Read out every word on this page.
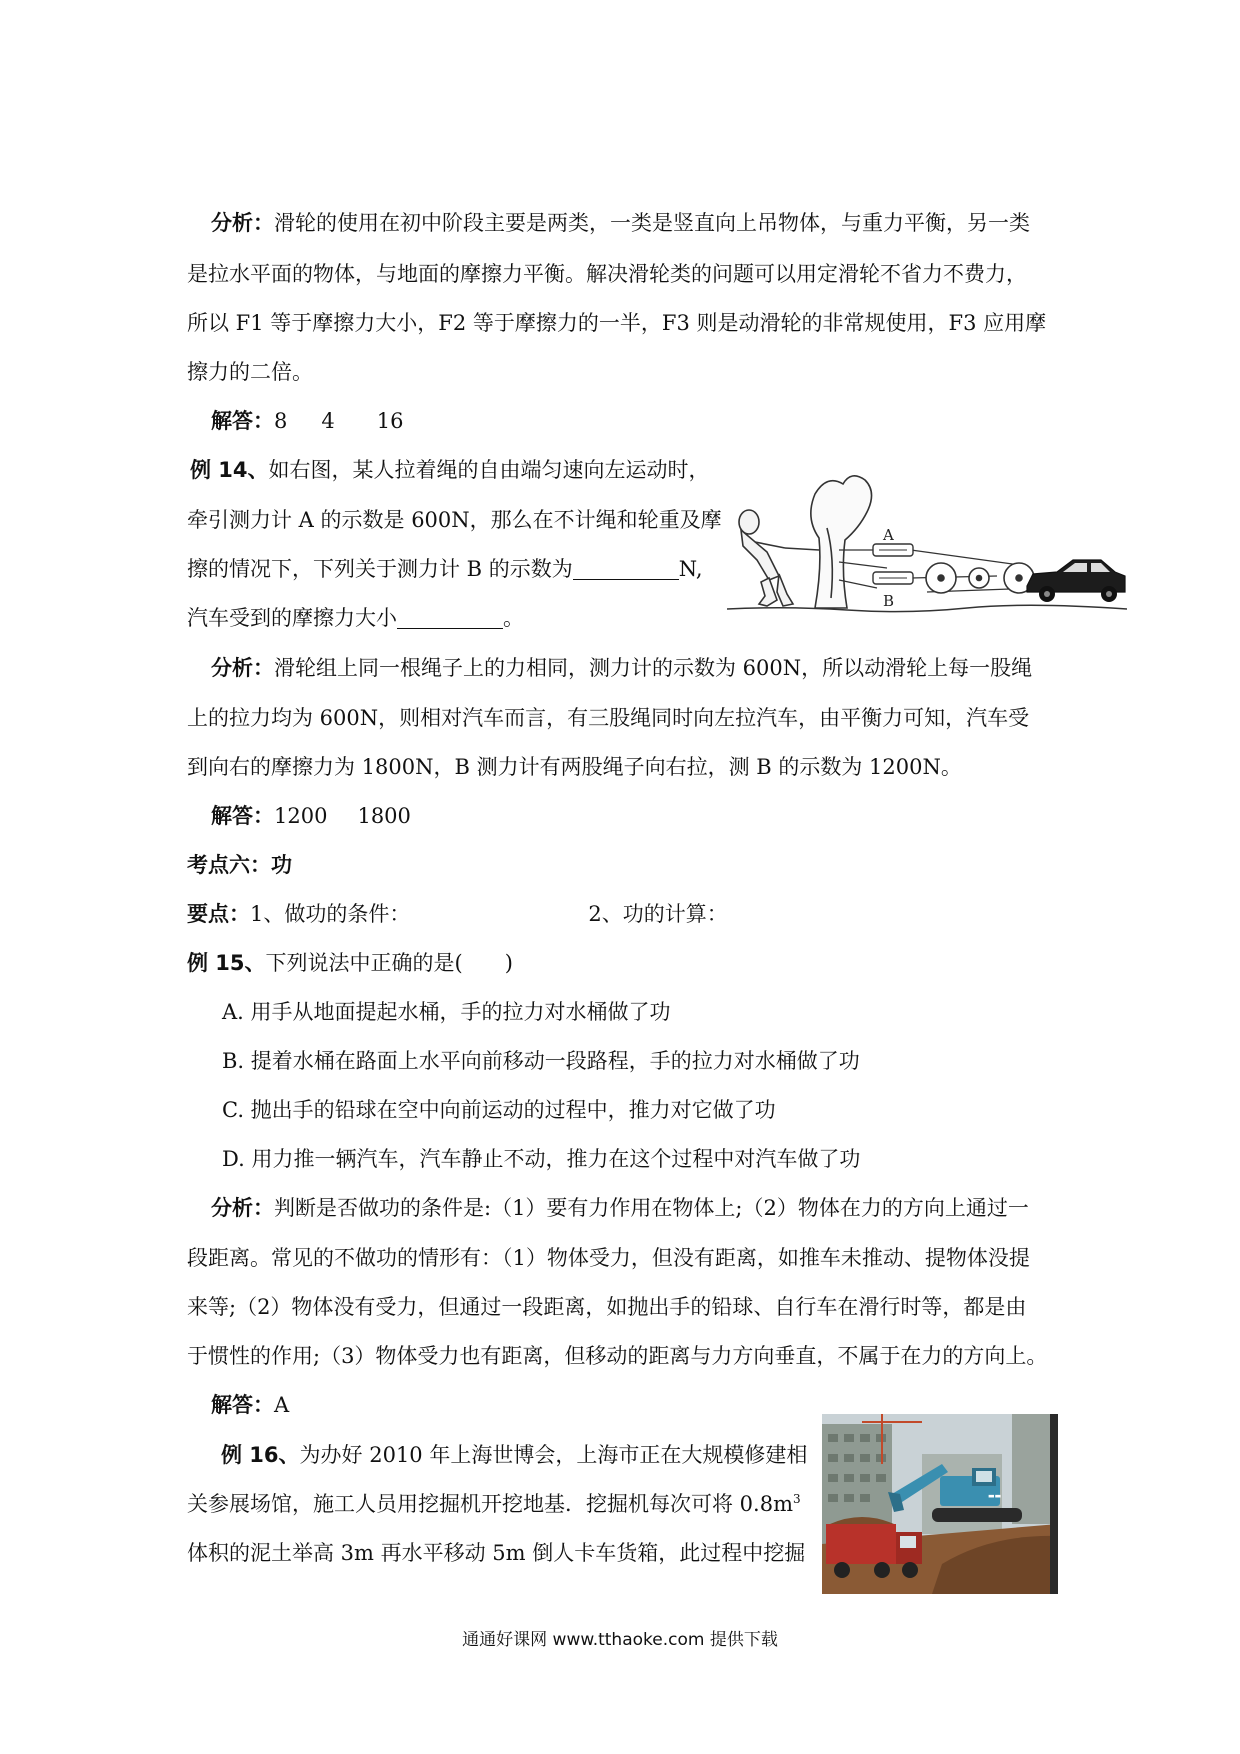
分析：滑轮的使用在初中阶段主要是两类，一类是竖直向上吊物体，与重力平衡，另一类
是拉水平面的物体，与地面的摩擦力平衡。解决滑轮类的问题可以用定滑轮不省力不费力，
所以 F1 等于摩擦力大小，F2 等于摩擦力的一半，F3 则是动滑轮的非常规使用，F3 应用摩
擦力的二倍。
解答：8 4 16
例 14、如右图，某人拉着绳的自由端匀速向左运动时，
牵引测力计 A 的示数是 600N，那么在不计绳和轮重及摩
擦的情况下，下列关于测力计 B 的示数为	N,
汽车受到的摩擦力大小	。
A
B
分析：滑轮组上同一根绳子上的力相同，测力计的示数为 600N，所以动滑轮上每一股绳
上的拉力均为 600N，则相对汽车而言，有三股绳同时向左拉汽车，由平衡力可知，汽车受
到向右的摩擦力为 1800N，B 测力计有两股绳子向右拉，测 B 的示数为 1200N。
解答：1200 1800
考点六：功
要点：1、做功的条件：	2、功的计算：
例 15、下列说法中正确的是(　　)
A. 用手从地面提起水桶，手的拉力对水桶做了功
B. 提着水桶在路面上水平向前移动一段路程，手的拉力对水桶做了功
C. 抛出手的铅球在空中向前运动的过程中，推力对它做了功
D. 用力推一辆汽车，汽车静止不动，推力在这个过程中对汽车做了功
分析：判断是否做功的条件是:（1）要有力作用在物体上;（2）物体在力的方向上通过一
段距离。常见的不做功的情形有：（1）物体受力，但没有距离，如推车未推动、提物体没提
来等;（2）物体没有受力，但通过一段距离，如抛出手的铅球、自行车在滑行时等，都是由
于惯性的作用;（3）物体受力也有距离，但移动的距离与力方向垂直，不属于在力的方向上。
解答：A
例 16、为办好 2010 年上海世博会，上海市正在大规模修建相
关参展场馆，施工人员用挖掘机开挖地基．挖掘机每次可将 $0.8m^3$
体积的泥土举高 3m 再水平移动 5m 倒人卡车货箱，此过程中挖掘
▬▬
通通好课网 www.tthaoke.com 提供下载
